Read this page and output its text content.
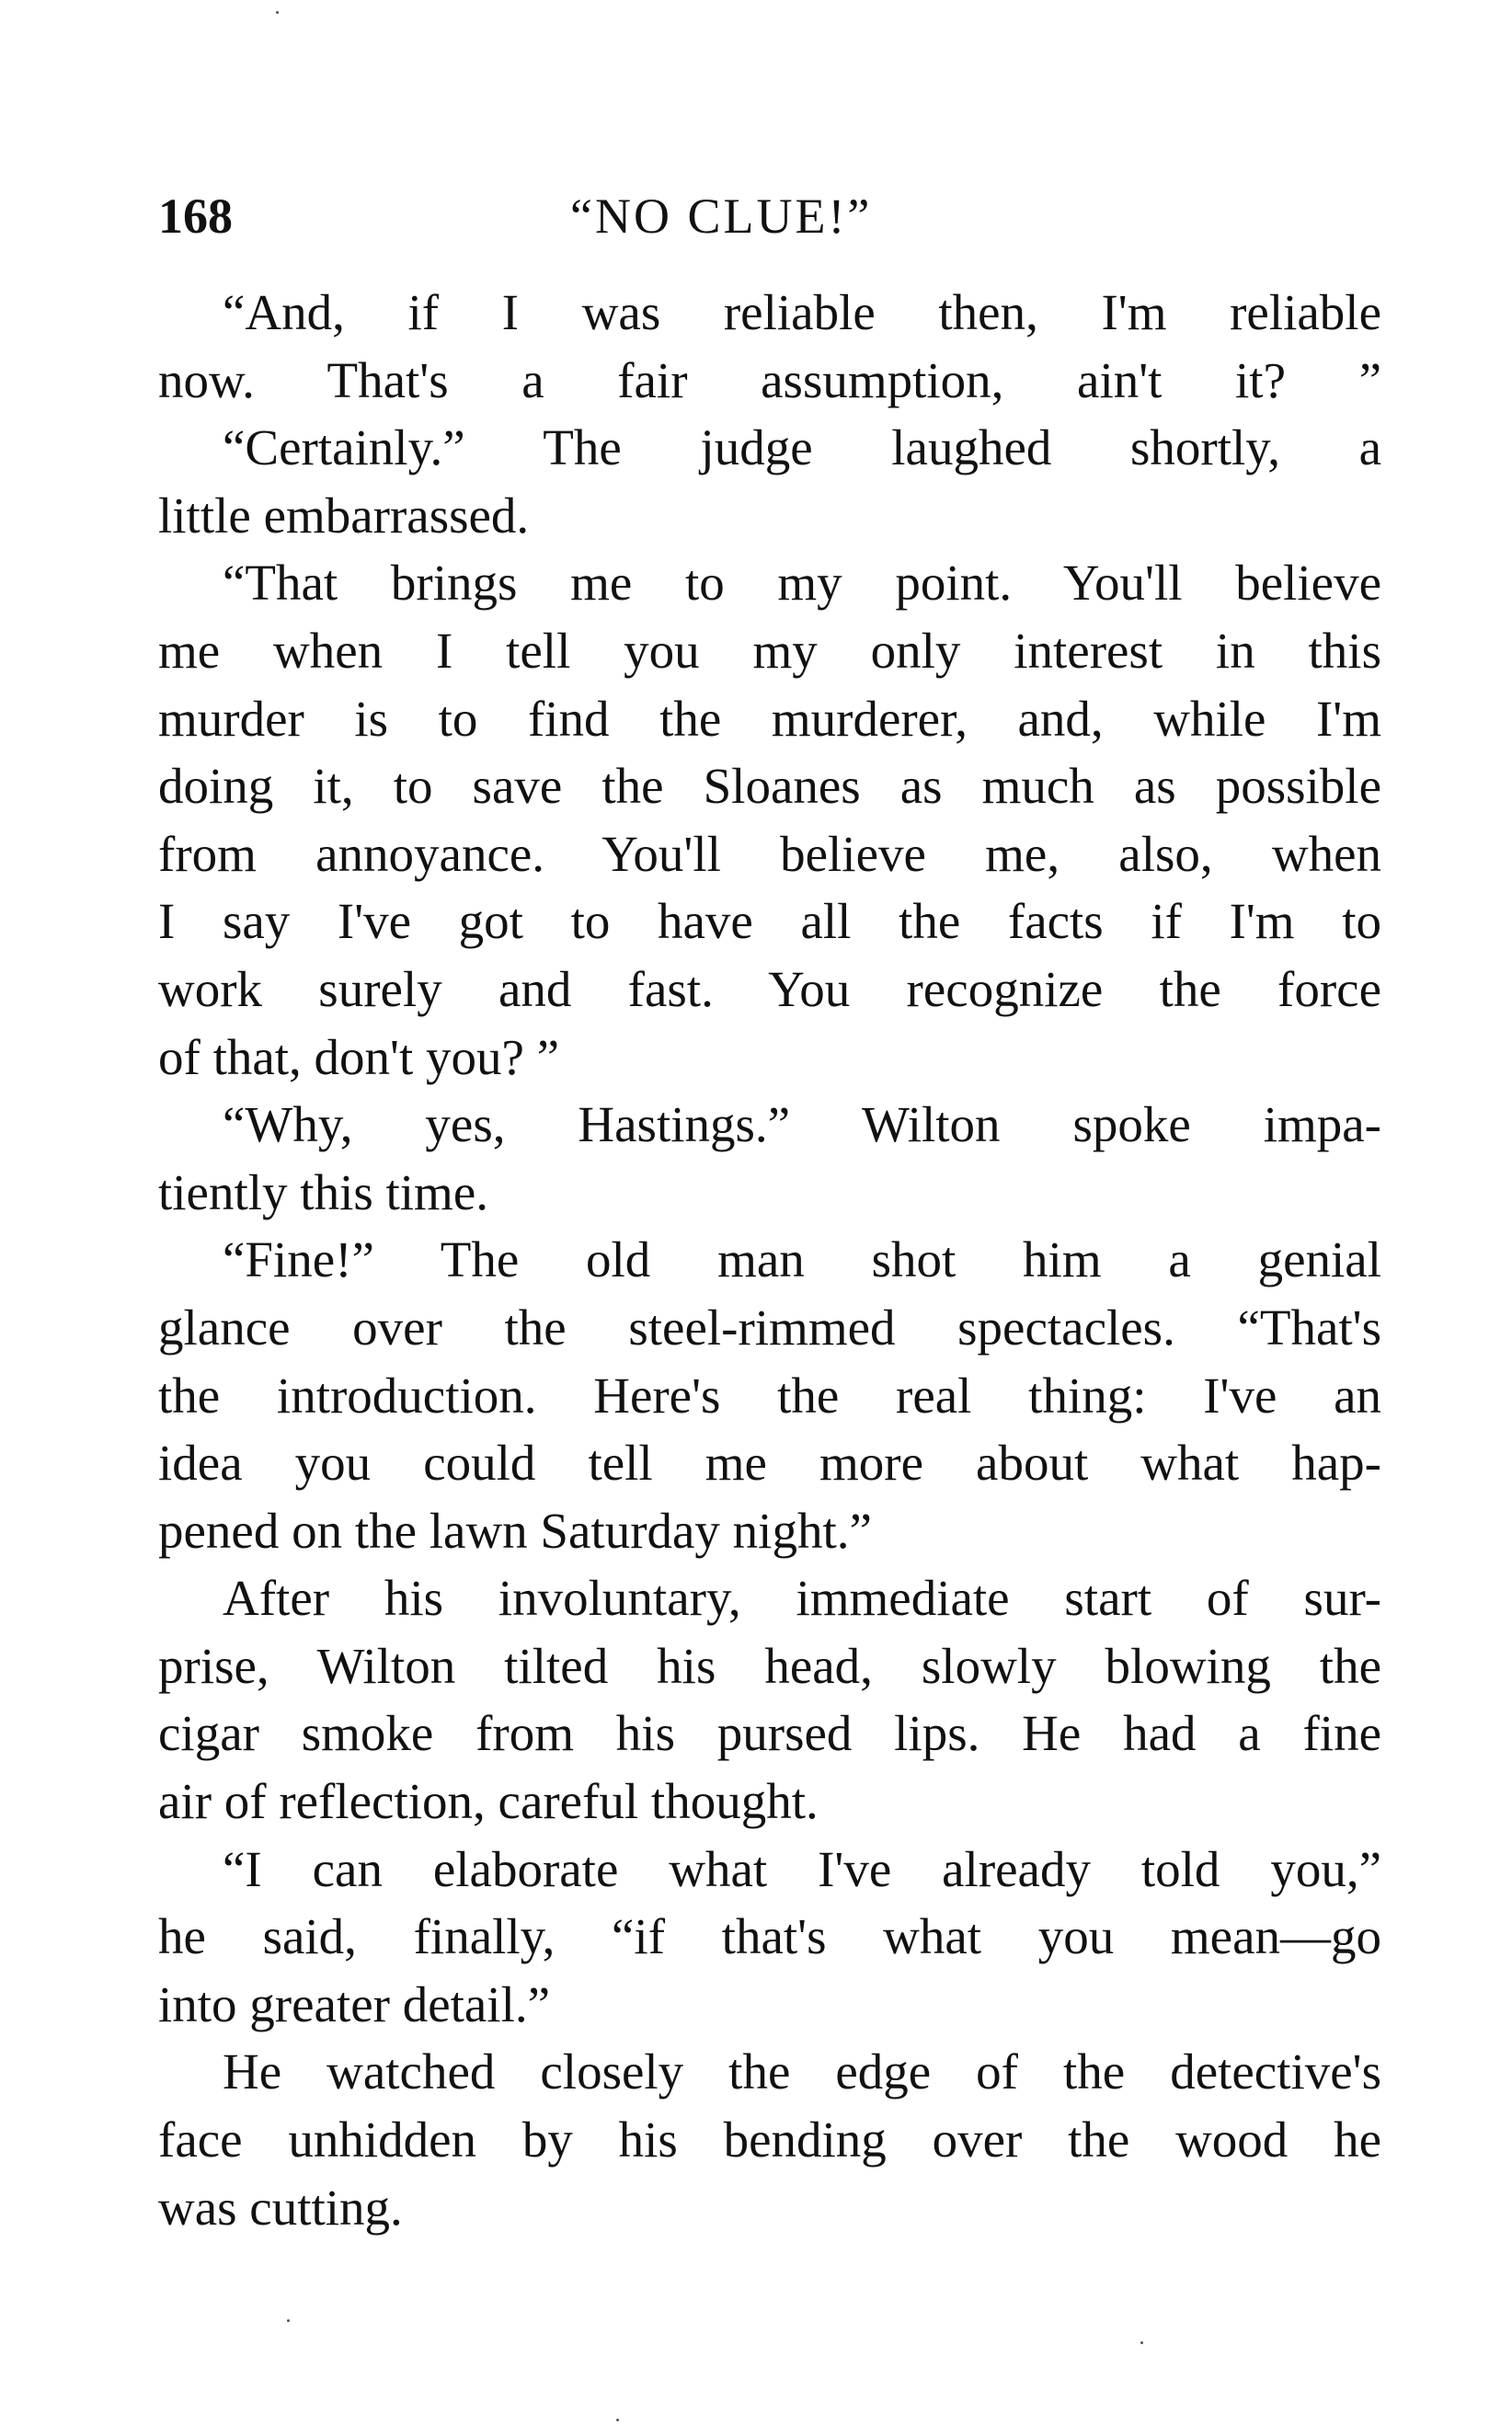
168	“NO CLUE!”
“And, if I was reliable then, I'm reliable
now. That's a fair assumption, ain't it? ”
“Certainly.” The judge laughed shortly, a
little embarrassed.
“That brings me to my point. You'll believe
me when I tell you my only interest in this
murder is to find the murderer, and, while I'm
doing it, to save the Sloanes as much as possible
from annoyance. You'll believe me, also, when
I say I've got to have all the facts if I'm to
work surely and fast. You recognize the force
of that, don't you? ”
“Why, yes, Hastings.” Wilton spoke impa-
tiently this time.
“Fine!” The old man shot him a genial
glance over the steel-rimmed spectacles. “That's
the introduction. Here's the real thing: I've an
idea you could tell me more about what hap-
pened on the lawn Saturday night.”
After his involuntary, immediate start of sur-
prise, Wilton tilted his head, slowly blowing the
cigar smoke from his pursed lips. He had a fine
air of reflection, careful thought.
“I can elaborate what I've already told you,”
he said, finally, “if that's what you mean—go
into greater detail.”
He watched closely the edge of the detective's
face unhidden by his bending over the wood he
was cutting.
